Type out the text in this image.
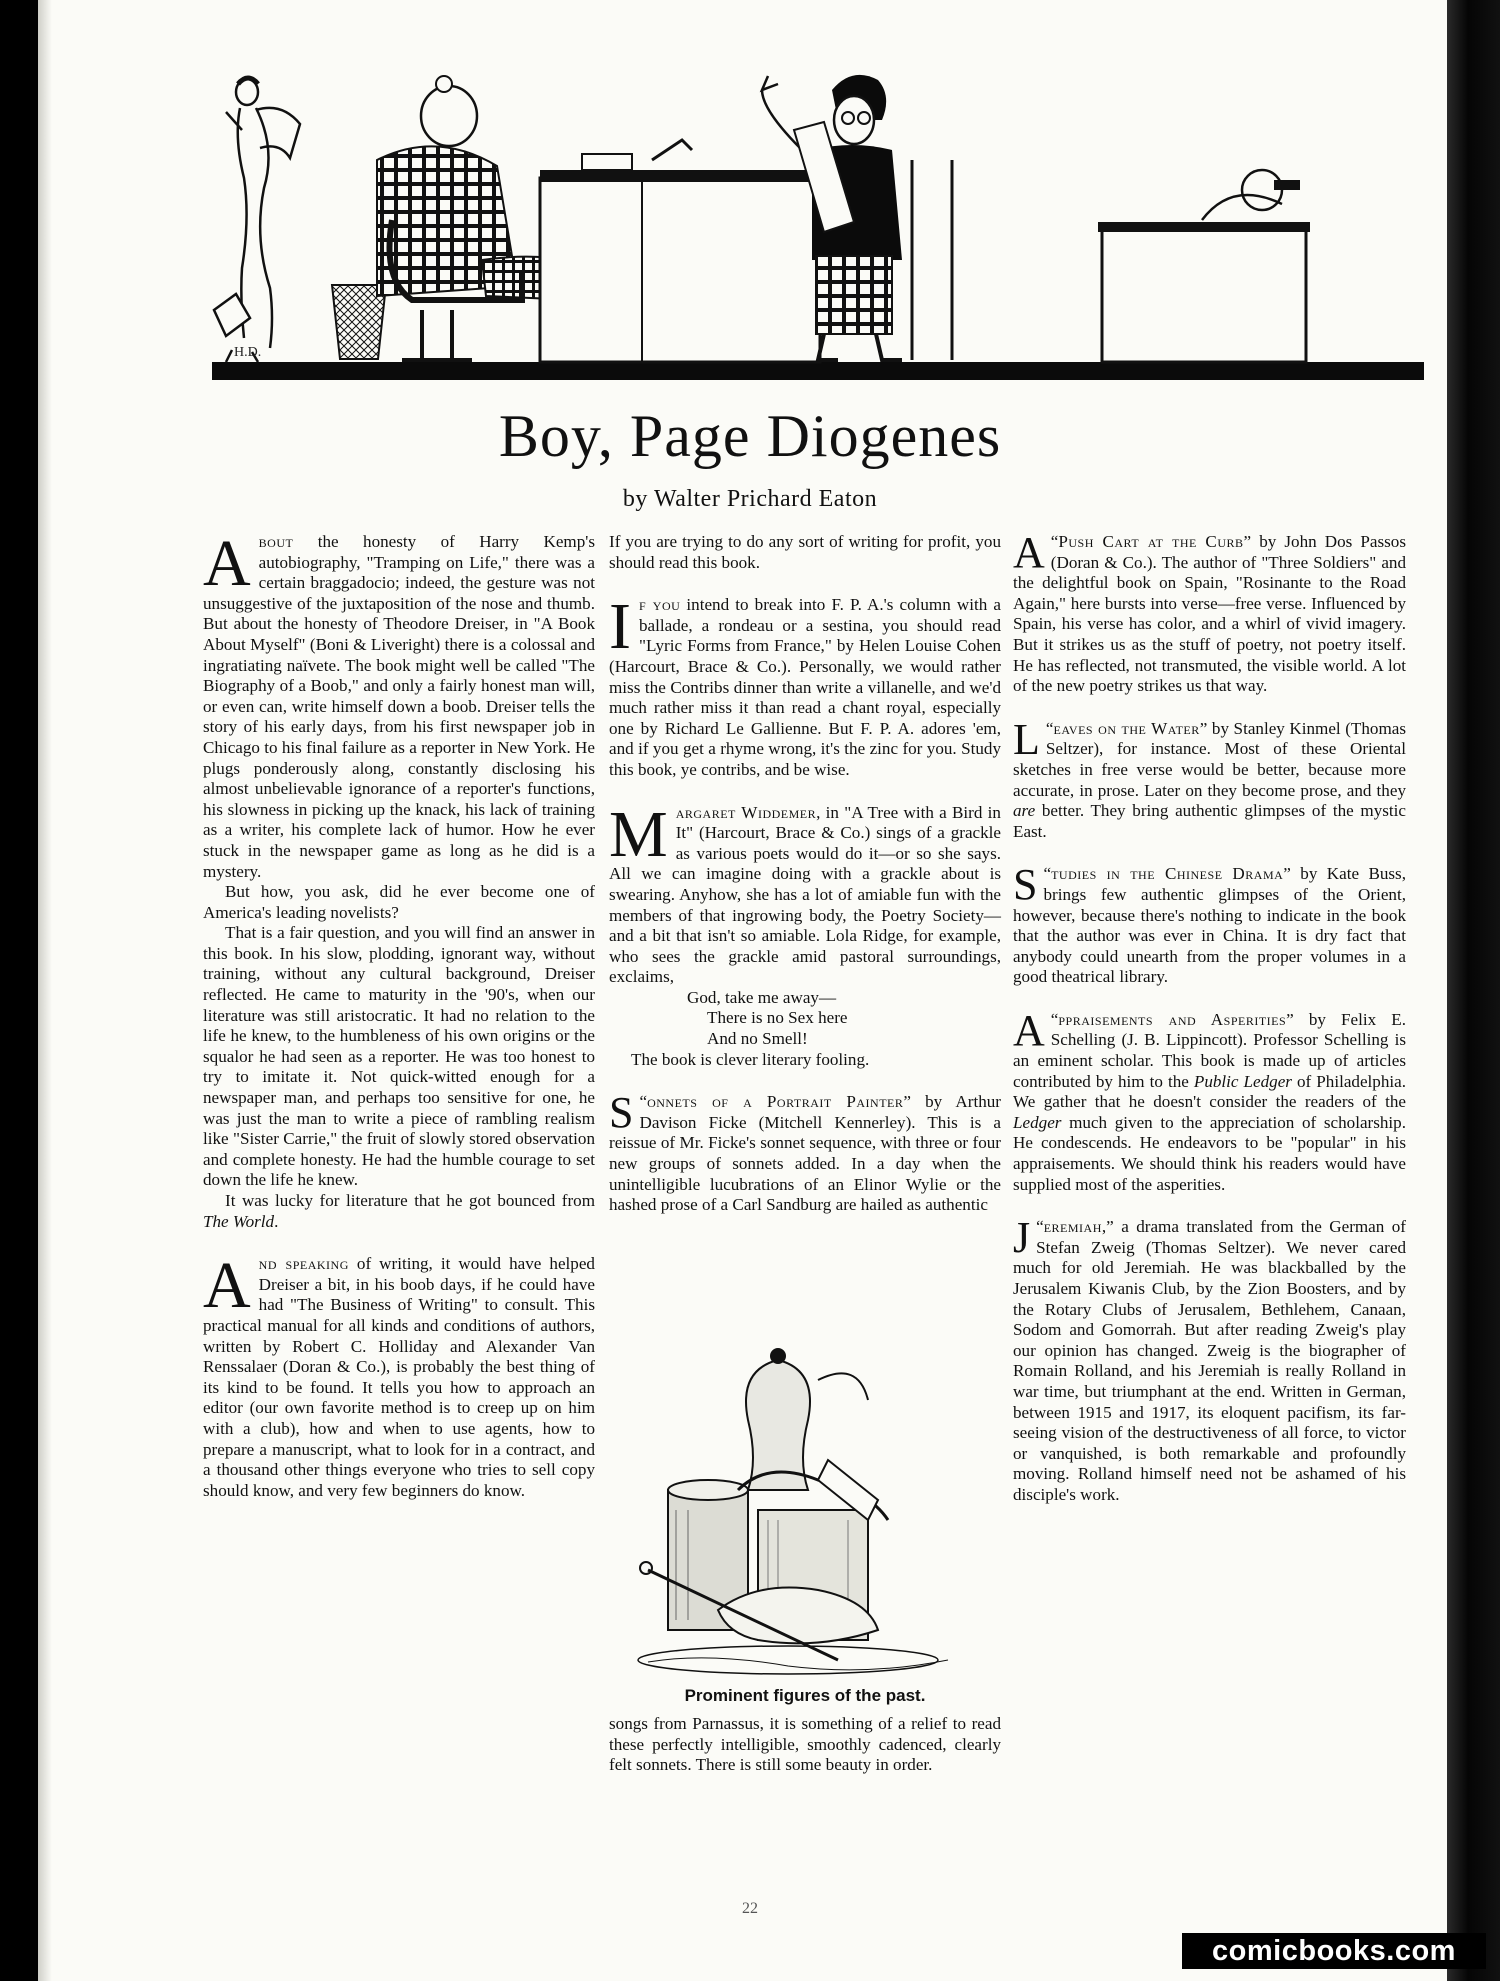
H.D.
Boy, Page Diogenes
by Walter Prichard Eaton

About the honesty of Harry Kemp's autobiography, "Tramping on Life," there was a certain braggadocio; indeed, the gesture was not unsuggestive of the juxtaposition of the nose and thumb. But about the honesty of Theodore Dreiser, in "A Book About Myself" (Boni & Liveright) there is a colossal and ingratiating naïvete. The book might well be called "The Biography of a Boob," and only a fairly honest man will, or even can, write himself down a boob. Dreiser tells the story of his early days, from his first newspaper job in Chicago to his final failure as a reporter in New York. He plugs ponderously along, constantly disclosing his almost unbelievable ignorance of a reporter's functions, his slowness in picking up the knack, his lack of training as a writer, his complete lack of humor. How he ever stuck in the newspaper game as long as he did is a mystery.

But how, you ask, did he ever become one of America's leading novelists?

That is a fair question, and you will find an answer in this book. In his slow, plodding, ignorant way, without training, without any cultural background, Dreiser reflected. He came to maturity in the '90's, when our literature was still aristocratic. It had no relation to the life he knew, to the humbleness of his own origins or the squalor he had seen as a reporter. He was too honest to try to imitate it. Not quick-witted enough for a newspaper man, and perhaps too sensitive for one, he was just the man to write a piece of rambling realism like "Sister Carrie," the fruit of slowly stored observation and complete honesty. He had the humble courage to set down the life he knew.

It was lucky for literature that he got bounced from The World.

And speaking of writing, it would have helped Dreiser a bit, in his boob days, if he could have had "The Business of Writing" to consult. This practical manual for all kinds and conditions of authors, written by Robert C. Holliday and Alexander Van Renssalaer (Doran & Co.), is probably the best thing of its kind to be found. It tells you how to approach an editor (our own favorite method is to creep up on him with a club), how and when to use agents, how to prepare a manuscript, what to look for in a contract, and a thousand other things everyone who tries to sell copy should know, and very few beginners do know.

If you are trying to do any sort of writing for profit, you should read this book.

If you intend to break into F. P. A.'s column with a ballade, a rondeau or a sestina, you should read "Lyric Forms from France," by Helen Louise Cohen (Harcourt, Brace & Co.). Personally, we would rather miss the Contribs dinner than write a villanelle, and we'd much rather miss it than read a chant royal, especially one by Richard Le Gallienne. But F. P. A. adores 'em, and if you get a rhyme wrong, it's the zinc for you. Study this book, ye contribs, and be wise.

Margaret Widdemer, in "A Tree with a Bird in It" (Harcourt, Brace & Co.) sings of a grackle as various poets would do it—or so she says. All we can imagine doing with a grackle about is swearing. Anyhow, she has a lot of amiable fun with the members of that ingrowing body, the Poetry Society—and a bit that isn't so amiable. Lola Ridge, for example, who sees the grackle amid pastoral surroundings, exclaims,

God, take me away—
There is no Sex here
And no Smell!

The book is clever literary fooling.

“
S onnets of a Portrait Painter” by Arthur Davison Ficke (Mitchell Kennerley). This is a reissue of Mr. Ficke's sonnet sequence, with three or four new groups of sonnets added. In a day when the unintelligible lucubrations of an Elinor Wylie or the hashed prose of a Carl Sandburg are hailed as authentic

Prominent figures of the past.

songs from Parnassus, it is something of a relief to read these perfectly intelligible, smoothly cadenced, clearly felt sonnets. There is still some beauty in order.

“
A Push Cart at the Curb” by John Dos Passos (Doran & Co.). The author of "Three Soldiers" and the delightful book on Spain, "Rosinante to the Road Again," here bursts into verse—free verse. Influenced by Spain, his verse has color, and a whirl of vivid imagery. But it strikes us as the stuff of poetry, not poetry itself. He has reflected, not transmuted, the visible world. A lot of the new poetry strikes us that way.

“
L eaves on the Water” by Stanley Kinmel (Thomas Seltzer), for instance. Most of these Oriental sketches in free verse would be better, because more accurate, in prose. Later on they become prose, and they are better. They bring authentic glimpses of the mystic East.

“
S tudies in the Chinese Drama” by Kate Buss, brings few authentic glimpses of the Orient, however, because there's nothing to indicate in the book that the author was ever in China. It is dry fact that anybody could unearth from the proper volumes in a good theatrical library.

“
A ppraisements and Asperities” by Felix E. Schelling (J. B. Lippincott). Professor Schelling is an eminent scholar. This book is made up of articles contributed by him to the Public Ledger of Philadelphia. We gather that he doesn't consider the readers of the Ledger much given to the appreciation of scholarship. He condescends. He endeavors to be "popular" in his appraisements. We should think his readers would have supplied most of the asperities.

“
J eremiah,” a drama translated from the German of Stefan Zweig (Thomas Seltzer). We never cared much for old Jeremiah. He was blackballed by the Jerusalem Kiwanis Club, by the Zion Boosters, and by the Rotary Clubs of Jerusalem, Bethlehem, Canaan, Sodom and Gomorrah. But after reading Zweig's play our opinion has changed. Zweig is the biographer of Romain Rolland, and his Jeremiah is really Rolland in war time, but triumphant at the end. Written in German, between 1915 and 1917, its eloquent pacifism, its far-seeing vision of the destructiveness of all force, to victor or vanquished, is both remarkable and profoundly moving. Rolland himself need not be ashamed of his disciple's work.

22
comicbooks.com
